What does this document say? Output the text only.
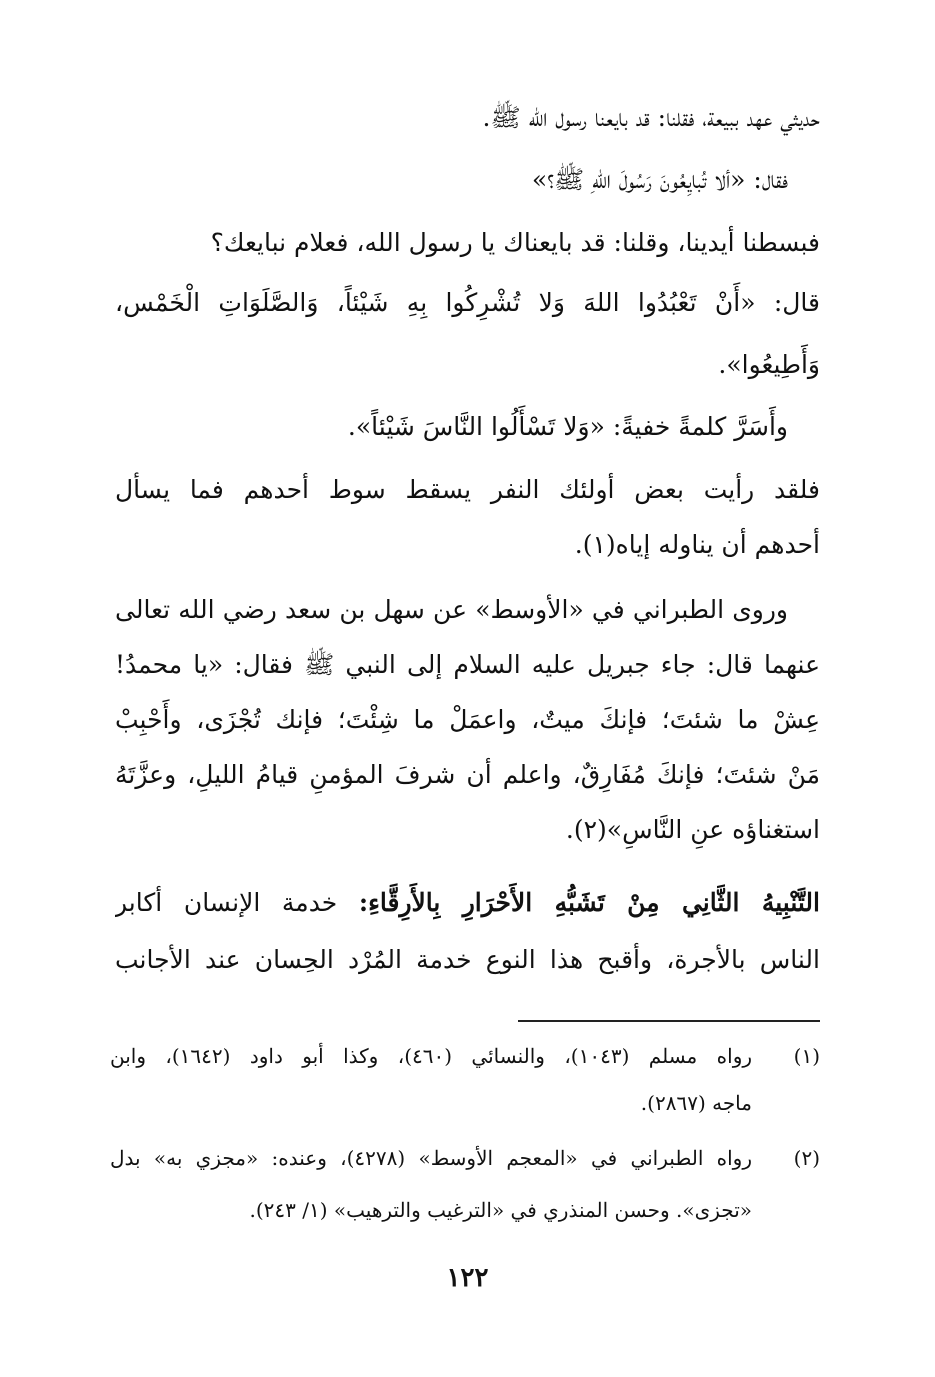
حديثي عهد ببيعة، فقلنا: قد بايعنا رسول الله ﷺ.
فقال: «ألا تُبايِعُونَ رَسُولَ اللهِ ﷺ؟»
فبسطنا أيدينا، وقلنا: قد بايعناك يا رسول الله، فعلام نبايعك؟
قال: «أَنْ تَعْبُدُوا اللهَ وَلا تُشْرِكُوا بِهِ شَيْئاً، وَالصَّلَوَاتِ الْخَمْس،
وَأَطِيعُوا».
وأَسَرَّ كلمةً خفيةً: «وَلا تَسْأَلُوا النَّاسَ شَيْئاً».
فلقد رأيت بعض أولئك النفر يسقط سوط أحدهم فما يسأل
أحدهم أن يناوله إياه(١).
وروى الطبراني في «الأوسط» عن سهل بن سعد رضي الله تعالى
عنهما قال: جاء جبريل عليه السلام إلى النبي ﷺ فقال: «يا محمدُ!
عِشْ ما شئتَ؛ فإنكَ ميتٌ، واعمَلْ ما شِئْتَ؛ فإنك تُجْزَى، وأَحْبِبْ
مَنْ شئتَ؛ فإنكَ مُفَارِقٌ، واعلم أن شرفَ المؤمنِ قيامُ الليلِ، وعزَّتَهُ
استغناؤه عنِ النَّاسِ»(٢).
التَّنْبِيهُ الثَّانِي مِنْ تَشَبُّهِ الأَحْرَارِ بِالأَرِقَّاءِ: خدمة الإنسان أكابر
الناس بالأجرة، وأقبح هذا النوع خدمة المُرْد الحِسان عند الأجانب
(١)
رواه مسلم (١٠٤٣)، والنسائي (٤٦٠)، وكذا أبو داود (١٦٤٢)، وابن
ماجه (٢٨٦٧).
(٢)
رواه الطبراني في «المعجم الأوسط» (٤٢٧٨)، وعنده: «مجزي به» بدل
«تجزى». وحسن المنذري في «الترغيب والترهيب» (١/ ٢٤٣).
١٢٢
